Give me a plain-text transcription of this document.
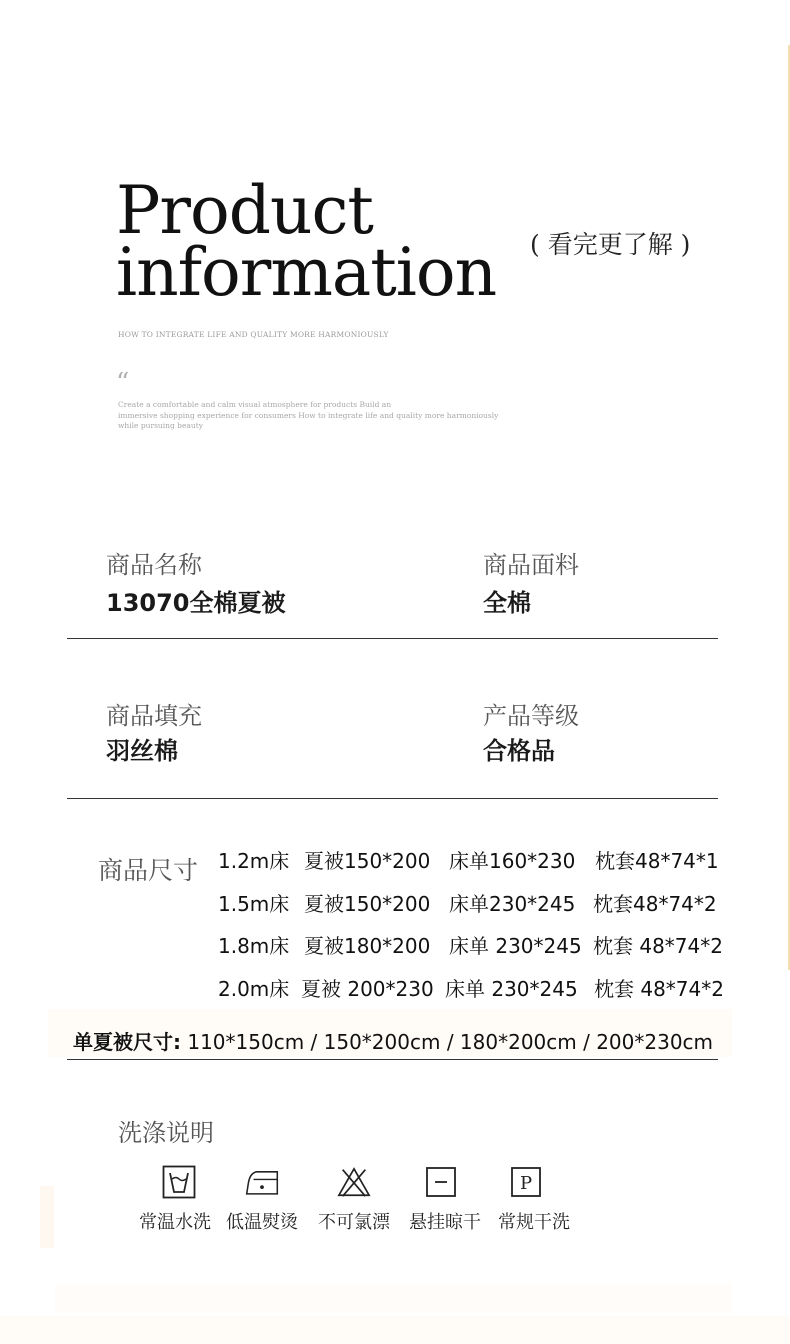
Product
information ( 看完更了解 )
HOW TO INTEGRATE LIFE AND QUALITY MORE HARMONIOUSLY
“
Create a comfortable and calm visual atmosphere for products Build an
immersive shopping experience for consumers How to integrate life and quality more harmoniously
while pursuing beauty
商品名称
13070全棉夏被
商品面料
全棉
商品填充
羽丝棉
产品等级
合格品
商品尺寸 1.2m床 夏被150*200 床单160*230 枕套48*74*1
1.5m床 夏被150*200 床单230*245 枕套48*74*2
1.8m床 夏被180*200 床单 230*245 枕套 48*74*2
2.0m床 夏被 200*230 床单 230*245 枕套 48*74*2
单夏被尺寸: 110*150cm / 150*200cm / 180*200cm / 200*230cm
洗涤说明
P
常温水洗 低温熨烫 不可氯漂 悬挂晾干 常规干洗
